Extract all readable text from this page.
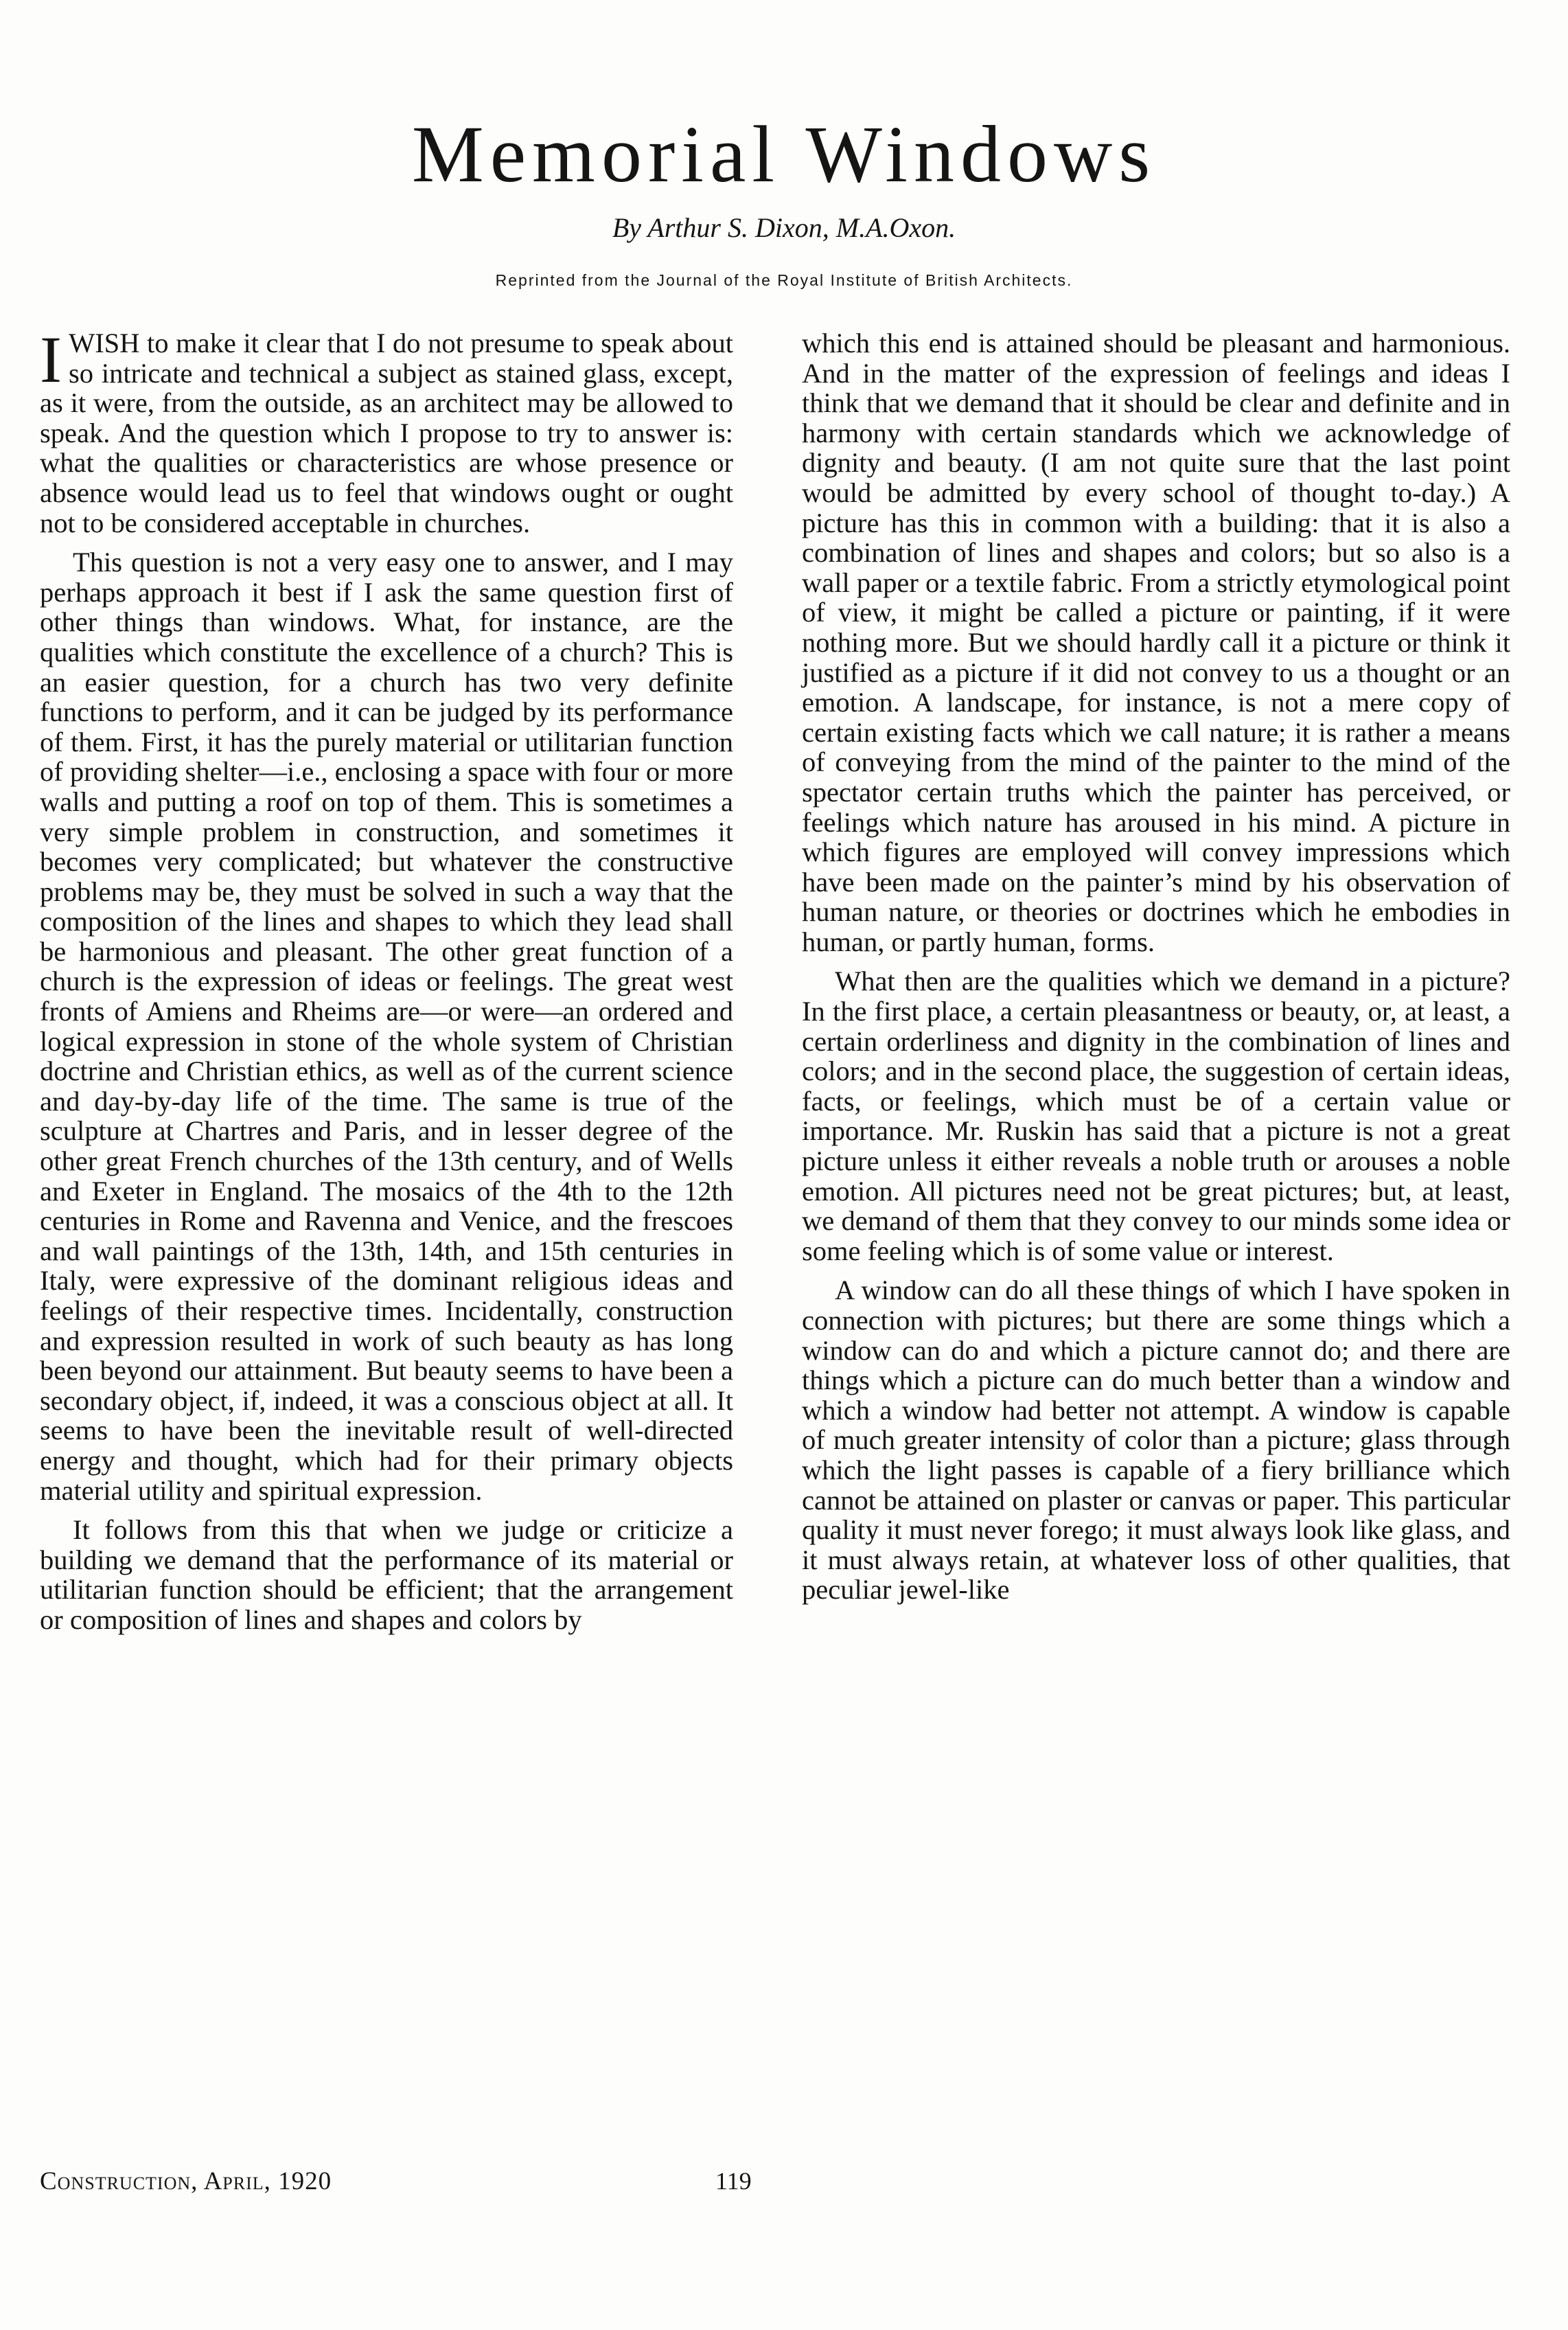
Memorial Windows

By Arthur S. Dixon, M.A.Oxon.

Reprinted from the Journal of the Royal Institute of British Architects.

I WISH to make it clear that I do not presume to speak about so intricate and technical a subject as stained glass, except, as it were, from the outside, as an architect may be allowed to speak. And the question which I propose to try to answer is: what the qualities or characteristics are whose presence or absence would lead us to feel that windows ought or ought not to be considered acceptable in churches.

This question is not a very easy one to answer, and I may perhaps approach it best if I ask the same question first of other things than windows. What, for instance, are the qualities which constitute the excellence of a church? This is an easier question, for a church has two very definite functions to perform, and it can be judged by its performance of them. First, it has the purely material or utilitarian function of providing shelter—i.e., enclosing a space with four or more walls and putting a roof on top of them. This is sometimes a very simple problem in construction, and sometimes it becomes very complicated; but whatever the constructive problems may be, they must be solved in such a way that the composition of the lines and shapes to which they lead shall be harmonious and pleasant. The other great function of a church is the expression of ideas or feelings. The great west fronts of Amiens and Rheims are—or were—an ordered and logical expression in stone of the whole system of Christian doctrine and Christian ethics, as well as of the current science and day-by-day life of the time. The same is true of the sculpture at Chartres and Paris, and in lesser degree of the other great French churches of the 13th century, and of Wells and Exeter in England. The mosaics of the 4th to the 12th centuries in Rome and Ravenna and Venice, and the frescoes and wall paintings of the 13th, 14th, and 15th centuries in Italy, were expressive of the dominant religious ideas and feelings of their respective times. Incidentally, construction and expression resulted in work of such beauty as has long been beyond our attainment. But beauty seems to have been a secondary object, if, indeed, it was a conscious object at all. It seems to have been the inevitable result of well-directed energy and thought, which had for their primary objects material utility and spiritual expression.

It follows from this that when we judge or criticize a building we demand that the performance of its material or utilitarian function should be efficient; that the arrangement or composition of lines and shapes and colors by

which this end is attained should be pleasant and harmonious. And in the matter of the expression of feelings and ideas I think that we demand that it should be clear and definite and in harmony with certain standards which we acknowledge of dignity and beauty. (I am not quite sure that the last point would be admitted by every school of thought to-day.) A picture has this in common with a building: that it is also a combination of lines and shapes and colors; but so also is a wall paper or a textile fabric. From a strictly etymological point of view, it might be called a picture or painting, if it were nothing more. But we should hardly call it a picture or think it justified as a picture if it did not convey to us a thought or an emotion. A landscape, for instance, is not a mere copy of certain existing facts which we call nature; it is rather a means of conveying from the mind of the painter to the mind of the spectator certain truths which the painter has perceived, or feelings which nature has aroused in his mind. A picture in which figures are employed will convey impressions which have been made on the painter’s mind by his observation of human nature, or theories or doctrines which he embodies in human, or partly human, forms.

What then are the qualities which we demand in a picture? In the first place, a certain pleasantness or beauty, or, at least, a certain orderliness and dignity in the combination of lines and colors; and in the second place, the suggestion of certain ideas, facts, or feelings, which must be of a certain value or importance. Mr. Ruskin has said that a picture is not a great picture unless it either reveals a noble truth or arouses a noble emotion. All pictures need not be great pictures; but, at least, we demand of them that they convey to our minds some idea or some feeling which is of some value or interest.

A window can do all these things of which I have spoken in connection with pictures; but there are some things which a window can do and which a picture cannot do; and there are things which a picture can do much better than a window and which a window had better not attempt. A window is capable of much greater intensity of color than a picture; glass through which the light passes is capable of a fiery brilliance which cannot be attained on plaster or canvas or paper. This particular quality it must never forego; it must always look like glass, and it must always retain, at whatever loss of other qualities, that peculiar jewel-like

Construction, April, 1920	119
